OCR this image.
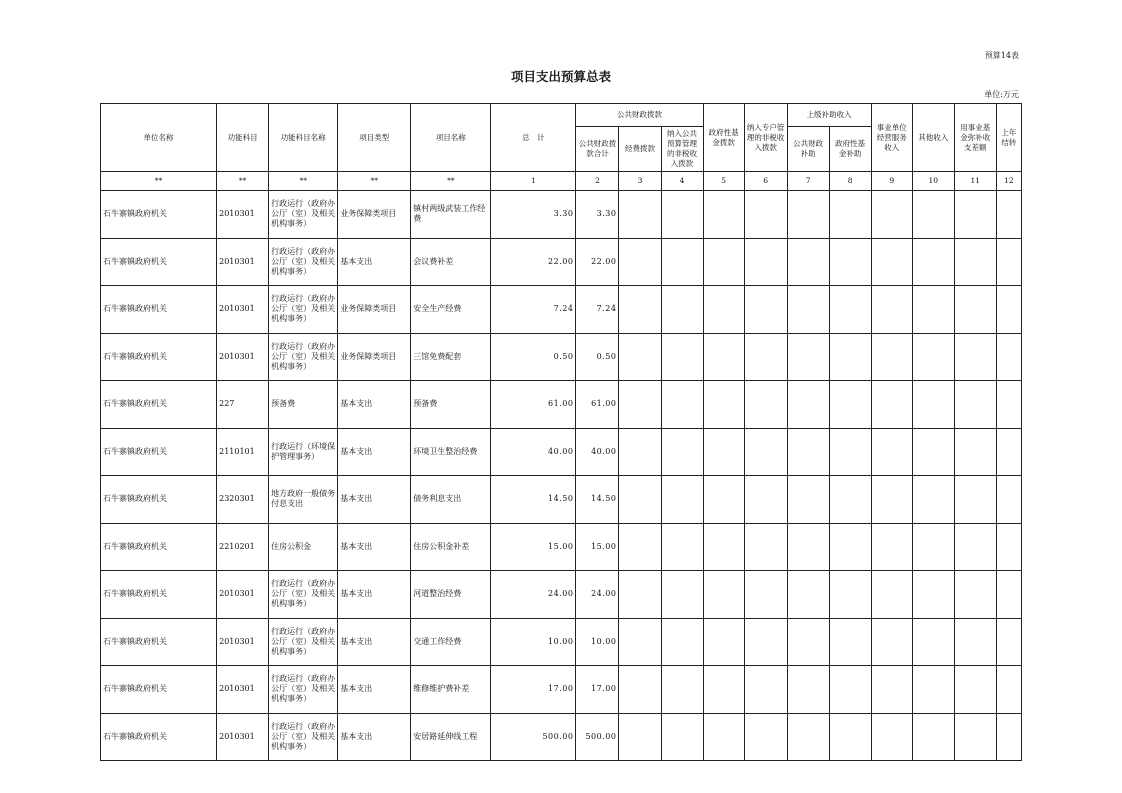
预算14表
项目支出预算总表
单位:万元
单位名称	功能科目	功能科目名称	项目类型	项目名称	总　计	公共财政拨款			政府性基金拨款	纳入专户管理的非税收入拨款	上级补助收入		事业单位经营服务收入	其他收入	用事业基金弥补收支差额	上年结转
						公共财政拨款合计	经费拨款	纳入公共预算管理的非税收入拨款			公共财政补助	政府性基金补助				
**	**	**	**	**	1	2	3	4	5	6	7	8	9	10	11	12
石牛寨镇政府机关	2010301	行政运行（政府办公厅（室）及相关机构事务）	业务保障类项目	镇村两级武装工作经费	3.30	3.30										
石牛寨镇政府机关	2010301	行政运行（政府办公厅（室）及相关机构事务）	基本支出	会议费补差	22.00	22.00										
石牛寨镇政府机关	2010301	行政运行（政府办公厅（室）及相关机构事务）	业务保障类项目	安全生产经费	7.24	7.24										
石牛寨镇政府机关	2010301	行政运行（政府办公厅（室）及相关机构事务）	业务保障类项目	三馆免费配套	0.50	0.50										
石牛寨镇政府机关	227	预备费	基本支出	预备费	61.00	61.00										
石牛寨镇政府机关	2110101	行政运行（环境保护管理事务）	基本支出	环境卫生整治经费	40.00	40.00										
石牛寨镇政府机关	2320301	地方政府一般债务付息支出	基本支出	债务利息支出	14.50	14.50										
石牛寨镇政府机关	2210201	住房公积金	基本支出	住房公积金补差	15.00	15.00										
石牛寨镇政府机关	2010301	行政运行（政府办公厅（室）及相关机构事务）	基本支出	河道整治经费	24.00	24.00										
石牛寨镇政府机关	2010301	行政运行（政府办公厅（室）及相关机构事务）	基本支出	交通工作经费	10.00	10.00										
石牛寨镇政府机关	2010301	行政运行（政府办公厅（室）及相关机构事务）	基本支出	维修维护费补差	17.00	17.00										
石牛寨镇政府机关	2010301	行政运行（政府办公厅（室）及相关机构事务）	基本支出	安居路延伸线工程	500.00	500.00										
